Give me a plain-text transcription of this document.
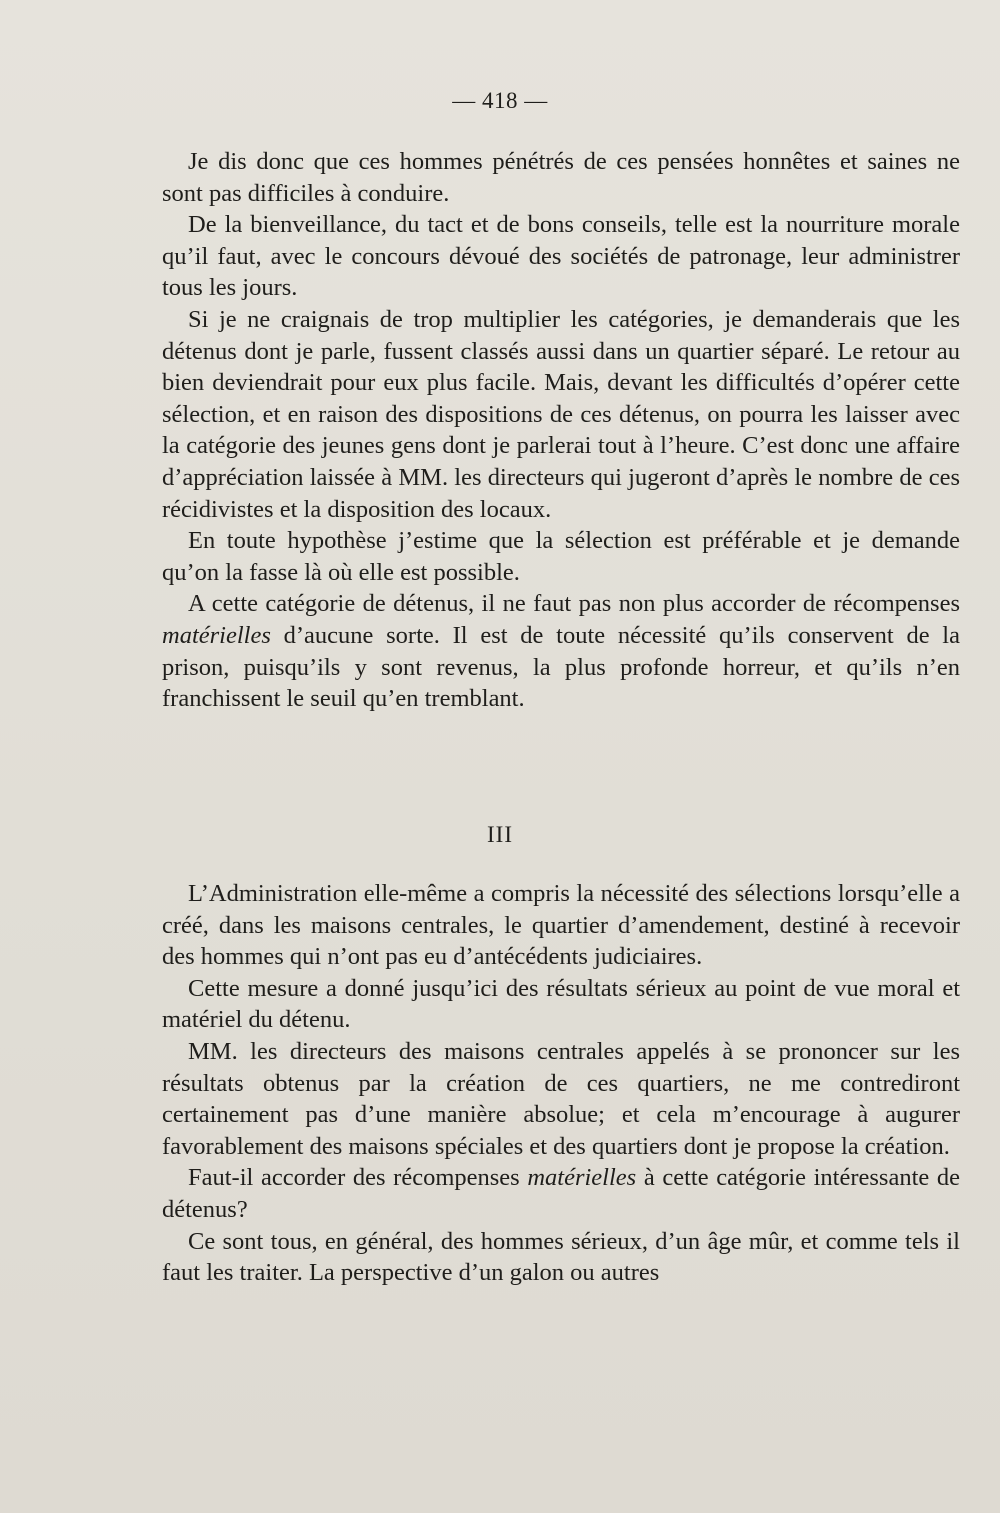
— 418 —

Je dis donc que ces hommes pénétrés de ces pensées honnêtes et saines ne sont pas difficiles à conduire.

De la bienveillance, du tact et de bons conseils, telle est la nourriture morale qu’il faut, avec le concours dévoué des sociétés de patronage, leur administrer tous les jours.

Si je ne craignais de trop multiplier les catégories, je demanderais que les détenus dont je parle, fussent classés aussi dans un quartier séparé. Le retour au bien deviendrait pour eux plus facile. Mais, devant les difficultés d’opérer cette sélection, et en raison des dispositions de ces détenus, on pourra les laisser avec la catégorie des jeunes gens dont je parlerai tout à l’heure. C’est donc une affaire d’appréciation laissée à MM. les directeurs qui jugeront d’après le nombre de ces récidivistes et la disposition des locaux.

En toute hypothèse j’estime que la sélection est préférable et je demande qu’on la fasse là où elle est possible.

A cette catégorie de détenus, il ne faut pas non plus accorder de récompenses matérielles d’aucune sorte. Il est de toute nécessité qu’ils conservent de la prison, puisqu’ils y sont revenus, la plus profonde horreur, et qu’ils n’en franchissent le seuil qu’en tremblant.

III

L’Administration elle-même a compris la nécessité des sélections lorsqu’elle a créé, dans les maisons centrales, le quartier d’amendement, destiné à recevoir des hommes qui n’ont pas eu d’antécédents judiciaires.

Cette mesure a donné jusqu’ici des résultats sérieux au point de vue moral et matériel du détenu.

MM. les directeurs des maisons centrales appelés à se prononcer sur les résultats obtenus par la création de ces quartiers, ne me contrediront certainement pas d’une manière absolue; et cela m’encourage à augurer favorablement des maisons spéciales et des quartiers dont je propose la création.

Faut-il accorder des récompenses matérielles à cette catégorie intéressante de détenus?

Ce sont tous, en général, des hommes sérieux, d’un âge mûr, et comme tels il faut les traiter. La perspective d’un galon ou autres
